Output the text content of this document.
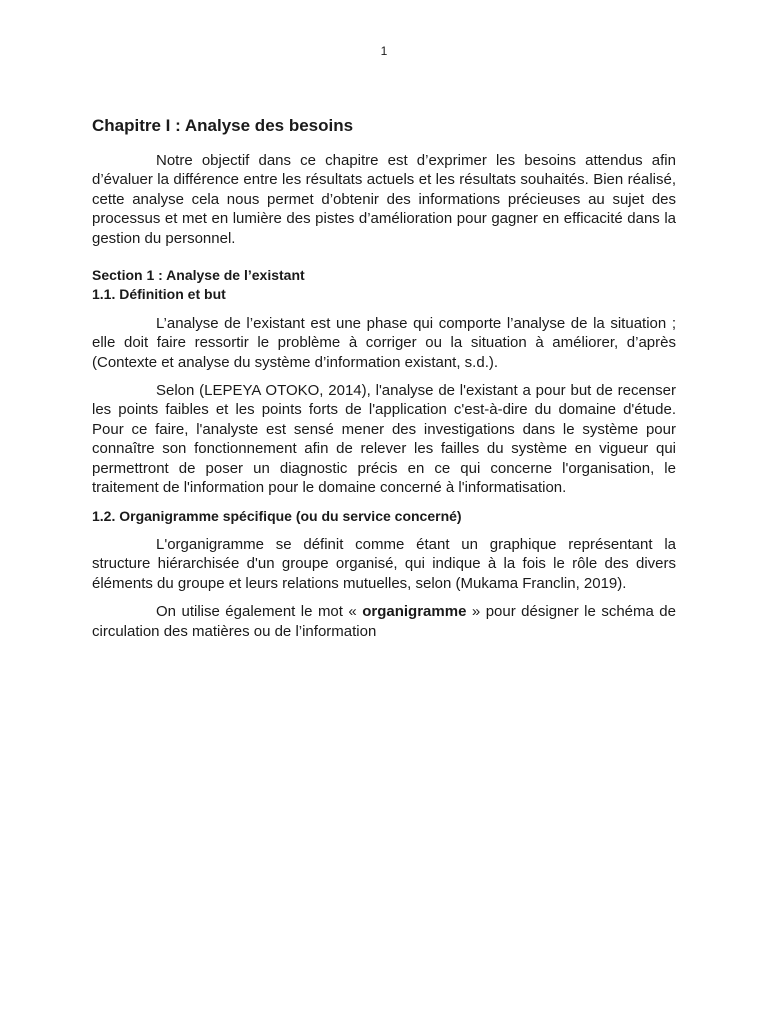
1
Chapitre I : Analyse des besoins

Notre objectif dans ce chapitre est d’exprimer les besoins attendus afin d’évaluer la différence entre les résultats actuels et les résultats souhaités. Bien réalisé, cette analyse cela nous permet d’obtenir des informations précieuses au sujet des processus et met en lumière des pistes d’amélioration pour gagner en efficacité dans la gestion du personnel.

Section 1 : Analyse de l’existant
1.1. Définition et but

L’analyse de l’existant est une phase qui comporte l’analyse de la situation ; elle doit faire ressortir le problème à corriger ou la situation à améliorer, d’après (Contexte et analyse du système d’information existant, s.d.).

Selon (LEPEYA OTOKO, 2014), l'analyse de l'existant a pour but de recenser les points faibles et les points forts de l'application c'est-à-dire du domaine d'étude. Pour ce faire, l'analyste est sensé mener des investigations dans le système pour connaître son fonctionnement afin de relever les failles du système en vigueur qui permettront de poser un diagnostic précis en ce qui concerne l'organisation, le traitement de l'information pour le domaine concerné à l'informatisation.

1.2. Organigramme spécifique (ou du service concerné)

L'organigramme se définit comme étant un graphique représentant la structure hiérarchisée d'un groupe organisé, qui indique à la fois le rôle des divers éléments du groupe et leurs relations mutuelles, selon (Mukama Franclin, 2019).

On utilise également le mot « organigramme » pour désigner le schéma de circulation des matières ou de l’information
